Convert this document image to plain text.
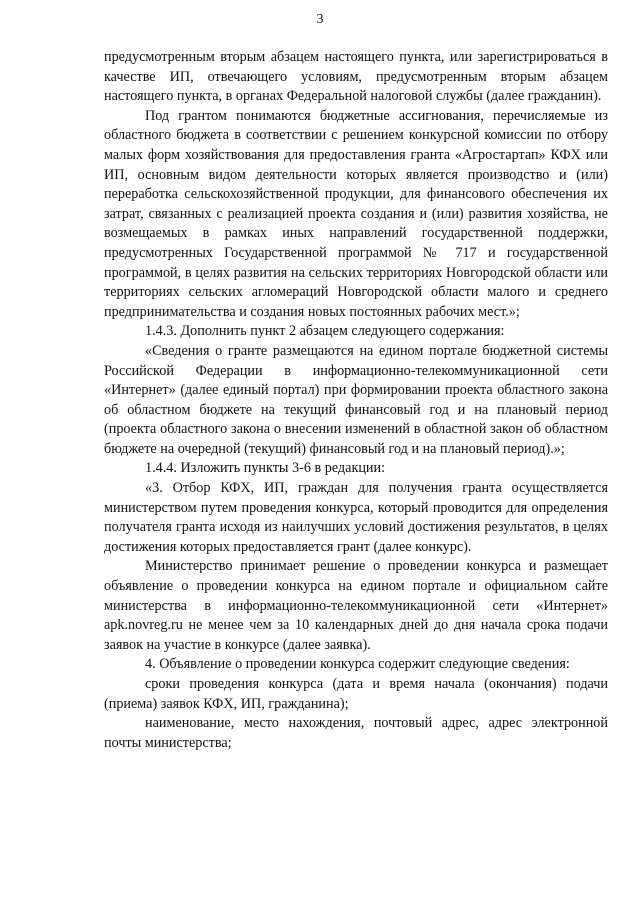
3

предусмотренным вторым абзацем настоящего пункта, или зарегистрироваться в качестве ИП, отвечающего условиям, предусмотренным вторым абзацем настоящего пункта, в органах Федеральной налоговой службы (далее гражданин).

Под грантом понимаются бюджетные ассигнования, перечисляемые из областного бюджета в соответствии с решением конкурсной комиссии по отбору малых форм хозяйствования для предоставления гранта «Агростартап» КФХ или ИП, основным видом деятельности которых является производство и (или) переработка сельскохозяйственной продукции, для финансового обеспечения их затрат, связанных с реализацией проекта создания и (или) развития хозяйства, не возмещаемых в рамках иных направлений государственной поддержки, предусмотренных Государственной программой № 717 и государственной программой, в целях развития на сельских территориях Новгородской области или территориях сельских агломераций Новгородской области малого и среднего предпринимательства и создания новых постоянных рабочих мест.»;

1.4.3. Дополнить пункт 2 абзацем следующего содержания:

«Сведения о гранте размещаются на едином портале бюджетной системы Российской Федерации в информационно-телекоммуникационной сети «Интернет» (далее единый портал) при формировании проекта областного закона об областном бюджете на текущий финансовый год и на плановый период (проекта областного закона о внесении изменений в областной закон об областном бюджете на очередной (текущий) финансовый год и на плановый период).»;

1.4.4. Изложить пункты 3-6 в редакции:

«3. Отбор КФХ, ИП, граждан для получения гранта осуществляется министерством путем проведения конкурса, который проводится для определения получателя гранта исходя из наилучших условий достижения результатов, в целях достижения которых предоставляется грант (далее конкурс).

Министерство принимает решение о проведении конкурса и размещает объявление о проведении конкурса на едином портале и официальном сайте министерства в информационно-телекоммуникационной сети «Интернет» apk.novreg.ru не менее чем за 10 календарных дней до дня начала срока подачи заявок на участие в конкурсе (далее заявка).

4. Объявление о проведении конкурса содержит следующие сведения:

сроки проведения конкурса (дата и время начала (окончания) подачи (приема) заявок КФХ, ИП, гражданина);

наименование, место нахождения, почтовый адрес, адрес электронной почты министерства;
